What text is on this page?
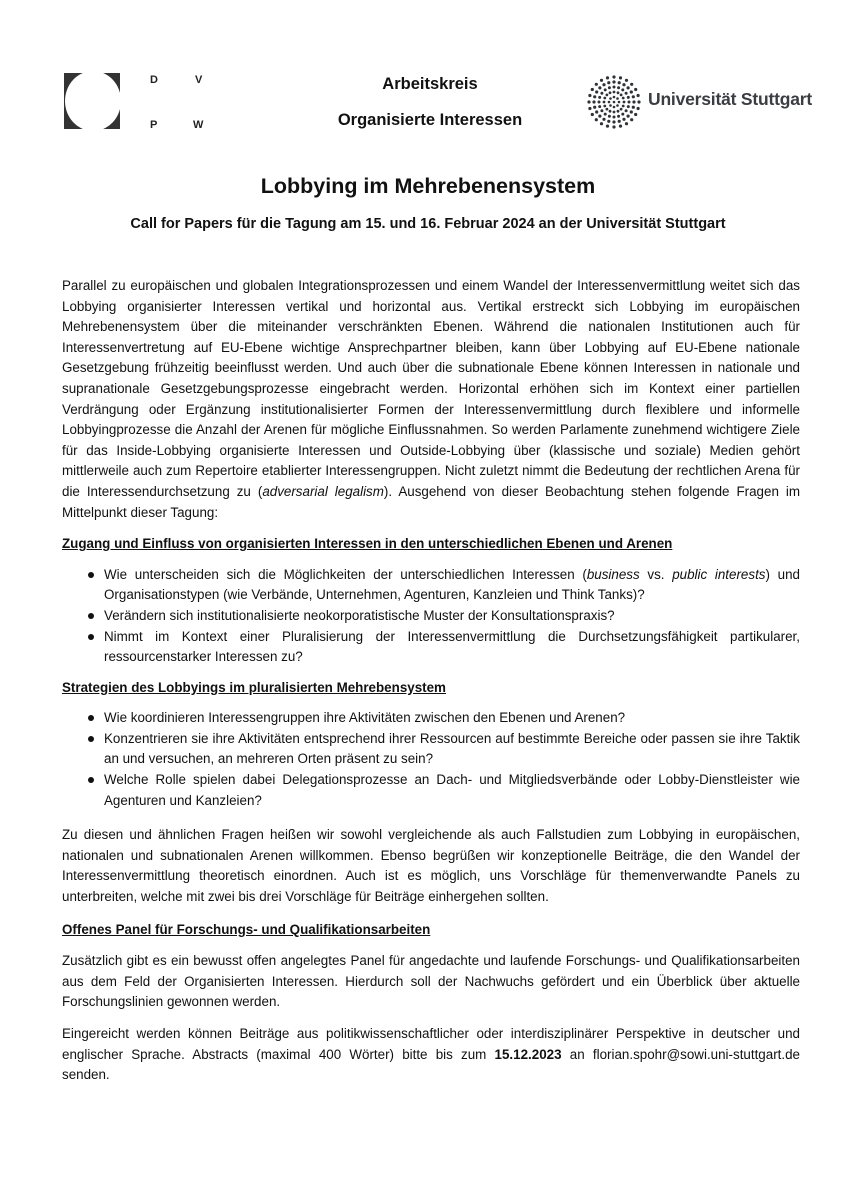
D	V
P	W
Arbeitskreis
Organisierte Interessen
Universität Stuttgart
Lobbying im Mehrebenensystem
Call for Papers für die Tagung am 15. und 16. Februar 2024 an der Universität Stuttgart

Parallel zu europäischen und globalen Integrationsprozessen und einem Wandel der Interessenvermittlung weitet sich das Lobbying organisierter Interessen vertikal und horizontal aus. Vertikal erstreckt sich Lobbying im europäischen Mehrebenensystem über die miteinander verschränkten Ebenen. Während die nationalen Institutionen auch für Interessenvertretung auf EU-Ebene wichtige Ansprechpartner bleiben, kann über Lobbying auf EU-Ebene nationale Gesetzgebung frühzeitig beeinflusst werden. Und auch über die subnationale Ebene können Interessen in nationale und supranationale Gesetzgebungsprozesse eingebracht werden. Horizontal erhöhen sich im Kontext einer partiellen Verdrängung oder Ergänzung institutionalisierter Formen der Interessenvermittlung durch flexiblere und informelle Lobbyingprozesse die Anzahl der Arenen für mögliche Einflussnahmen. So werden Parlamente zunehmend wichtigere Ziele für das Inside-Lobbying organisierte Interessen und Outside-Lobbying über (klassische und soziale) Medien gehört mittlerweile auch zum Repertoire etablierter Interessengruppen. Nicht zuletzt nimmt die Bedeutung der rechtlichen Arena für die Interessendurchsetzung zu (adversarial legalism). Ausgehend von dieser Beobachtung stehen folgende Fragen im Mittelpunkt dieser Tagung:

Zugang und Einfluss von organisierten Interessen in den unterschiedlichen Ebenen und Arenen
Wie unterscheiden sich die Möglichkeiten der unterschiedlichen Interessen (business vs. public interests) und Organisationstypen (wie Verbände, Unternehmen, Agenturen, Kanzleien und Think Tanks)?
Verändern sich institutionalisierte neokorporatistische Muster der Konsultationspraxis?
Nimmt im Kontext einer Pluralisierung der Interessenvermittlung die Durchsetzungsfähigkeit partikularer, ressourcenstarker Interessen zu?
Strategien des Lobbyings im pluralisierten Mehrebensystem
Wie koordinieren Interessengruppen ihre Aktivitäten zwischen den Ebenen und Arenen?
Konzentrieren sie ihre Aktivitäten entsprechend ihrer Ressourcen auf bestimmte Bereiche oder passen sie ihre Taktik an und versuchen, an mehreren Orten präsent zu sein?
Welche Rolle spielen dabei Delegationsprozesse an Dach- und Mitgliedsverbände oder Lobby-Dienstleister wie Agenturen und Kanzleien?

Zu diesen und ähnlichen Fragen heißen wir sowohl vergleichende als auch Fallstudien zum Lobbying in europäischen, nationalen und subnationalen Arenen willkommen. Ebenso begrüßen wir konzeptionelle Beiträge, die den Wandel der Interessenvermittlung theoretisch einordnen. Auch ist es möglich, uns Vorschläge für themenverwandte Panels zu unterbreiten, welche mit zwei bis drei Vorschläge für Beiträge einhergehen sollten.

Offenes Panel für Forschungs- und Qualifikationsarbeiten

Zusätzlich gibt es ein bewusst offen angelegtes Panel für angedachte und laufende Forschungs- und Qualifikationsarbeiten aus dem Feld der Organisierten Interessen. Hierdurch soll der Nachwuchs gefördert und ein Überblick über aktuelle Forschungslinien gewonnen werden.

Eingereicht werden können Beiträge aus politikwissenschaftlicher oder interdisziplinärer Perspektive in deutscher und englischer Sprache. Abstracts (maximal 400 Wörter) bitte bis zum 15.12.2023 an florian.spohr@sowi.uni-stuttgart.de senden.
